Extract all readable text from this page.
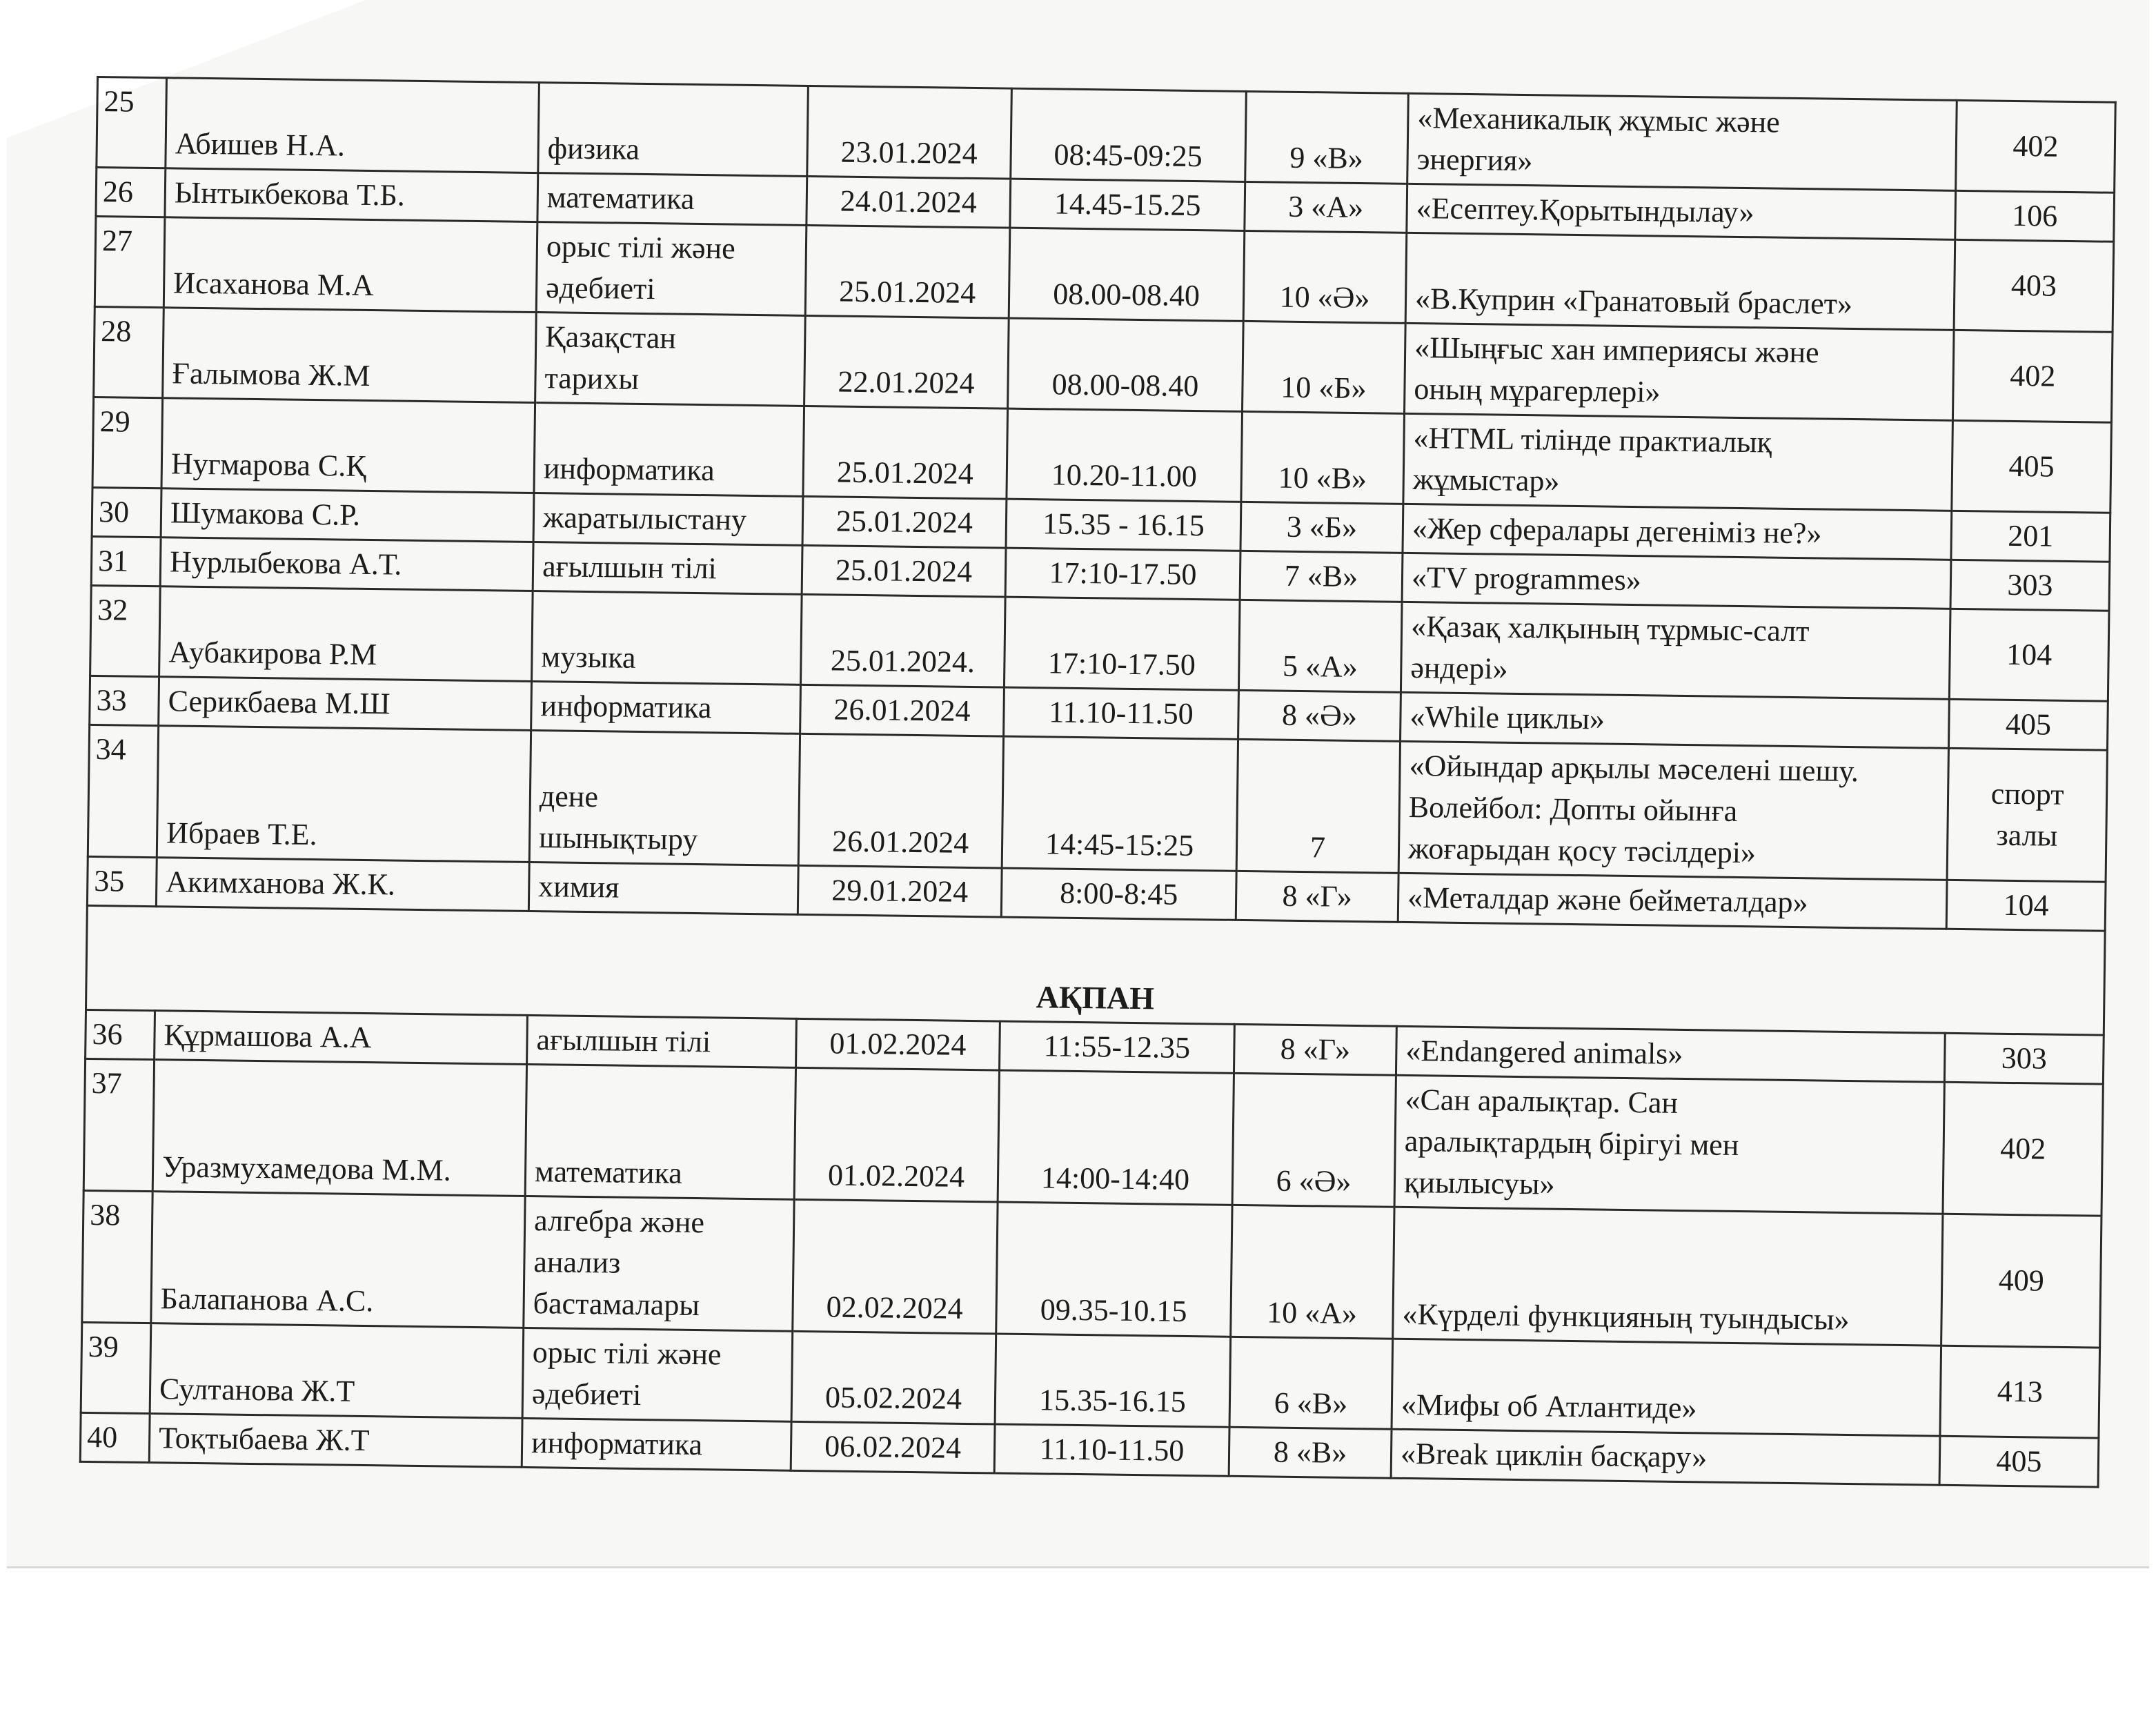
25	Абишев Н.А.	физика	23.01.2024	08:45-09:25	9 «В»	«Механикалық жұмыс және
энергия»	402
26	Ынтыкбекова Т.Б.	математика	24.01.2024	14.45-15.25	3 «А»	«Есептеу.Қорытындылау»	106
27	Исаханова М.А	орыс тілі және
әдебиеті	25.01.2024	08.00-08.40	10 «Ә»	«В.Куприн «Гранатовый браслет»	403
28	Ғалымова Ж.М	Қазақстан
тарихы	22.01.2024	08.00-08.40	10 «Б»	«Шыңғыс хан империясы және
оның мұрагерлері»	402
29	Нугмарова С.Қ	информатика	25.01.2024	10.20-11.00	10 «В»	«HTML тілінде практиалық
жұмыстар»	405
30	Шумакова С.Р.	жаратылыстану	25.01.2024	15.35 - 16.15	3 «Б»	«Жер сфералары дегеніміз не?»	201
31	Нурлыбекова А.Т.	ағылшын тілі	25.01.2024	17:10-17.50	7 «В»	«TV programmes»	303
32	Аубакирова Р.М	музыка	25.01.2024.	17:10-17.50	5 «А»	«Қазақ халқының тұрмыс-салт
әндері»	104
33	Серикбаева М.Ш	информатика	26.01.2024	11.10-11.50	8 «Ә»	«While циклы»	405
34	Ибраев Т.Е.	дене
шынықтыру	26.01.2024	14:45-15:25	7	«Ойындар арқылы мәселені шешу.
Волейбол: Допты ойынға
жоғарыдан қосу тәсілдері»	спорт
залы
35	Акимханова Ж.К.	химия	29.01.2024	8:00-8:45	8 «Г»	«Металдар және бейметалдар»	104
АҚПАН							
36	Құрмашова А.А	ағылшын тілі	01.02.2024	11:55-12.35	8 «Г»	«Endangered animals»	303
37	Уразмухамедова М.М.	математика	01.02.2024	14:00-14:40	6 «Ә»	«Сан аралықтар. Сан
аралықтардың бірігуі мен
қиылысуы»	402
38	Балапанова А.С.	алгебра және
анализ
бастамалары	02.02.2024	09.35-10.15	10 «А»	«Күрделі функцияның туындысы»	409
39	Султанова Ж.Т	орыс тілі және
әдебиеті	05.02.2024	15.35-16.15	6 «В»	«Мифы об Атлантиде»	413
40	Тоқтыбаева Ж.Т	информатика	06.02.2024	11.10-11.50	8 «В»	«Break циклін басқару»	405
